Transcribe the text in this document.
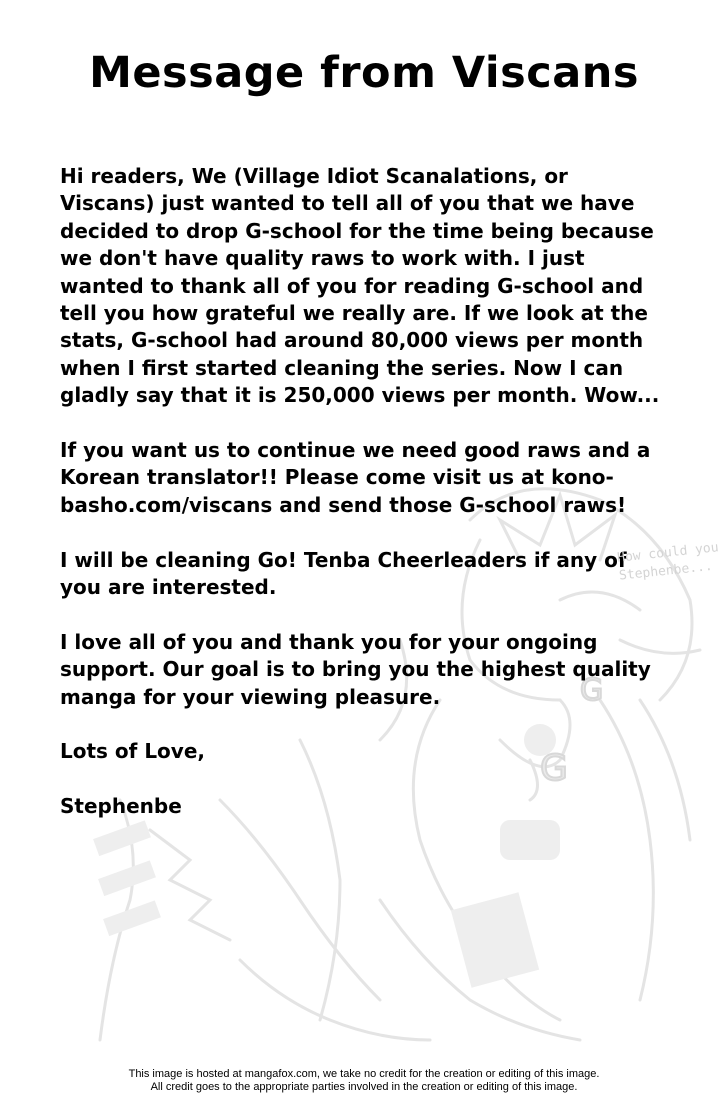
G
G
Message from Viscans

Hi readers, We (Village Idiot Scanalations, or
Viscans) just wanted to tell all of you that we have
decided to drop G-school for the time being because
we don't have quality raws to work with. I just
wanted to thank all of you for reading G-school and
tell you how grateful we really are. If we look at the
stats, G-school had around 80,000 views per month
when I first started cleaning the series. Now I can
gladly say that it is 250,000 views per month. Wow...

If you want us to continue we need good raws and a
Korean translator!! Please come visit us at kono-
basho.com/viscans and send those G-school raws!

I will be cleaning Go! Tenba Cheerleaders if any of
you are interested.

I love all of you and thank you for your ongoing
support. Our goal is to bring you the highest quality
manga for your viewing pleasure.

Lots of Love,

Stephenbe

How could you
Stephenbe...
This image is hosted at mangafox.com, we take no credit for the creation or editing of this image.
All credit goes to the appropriate parties involved in the creation or editing of this image.
